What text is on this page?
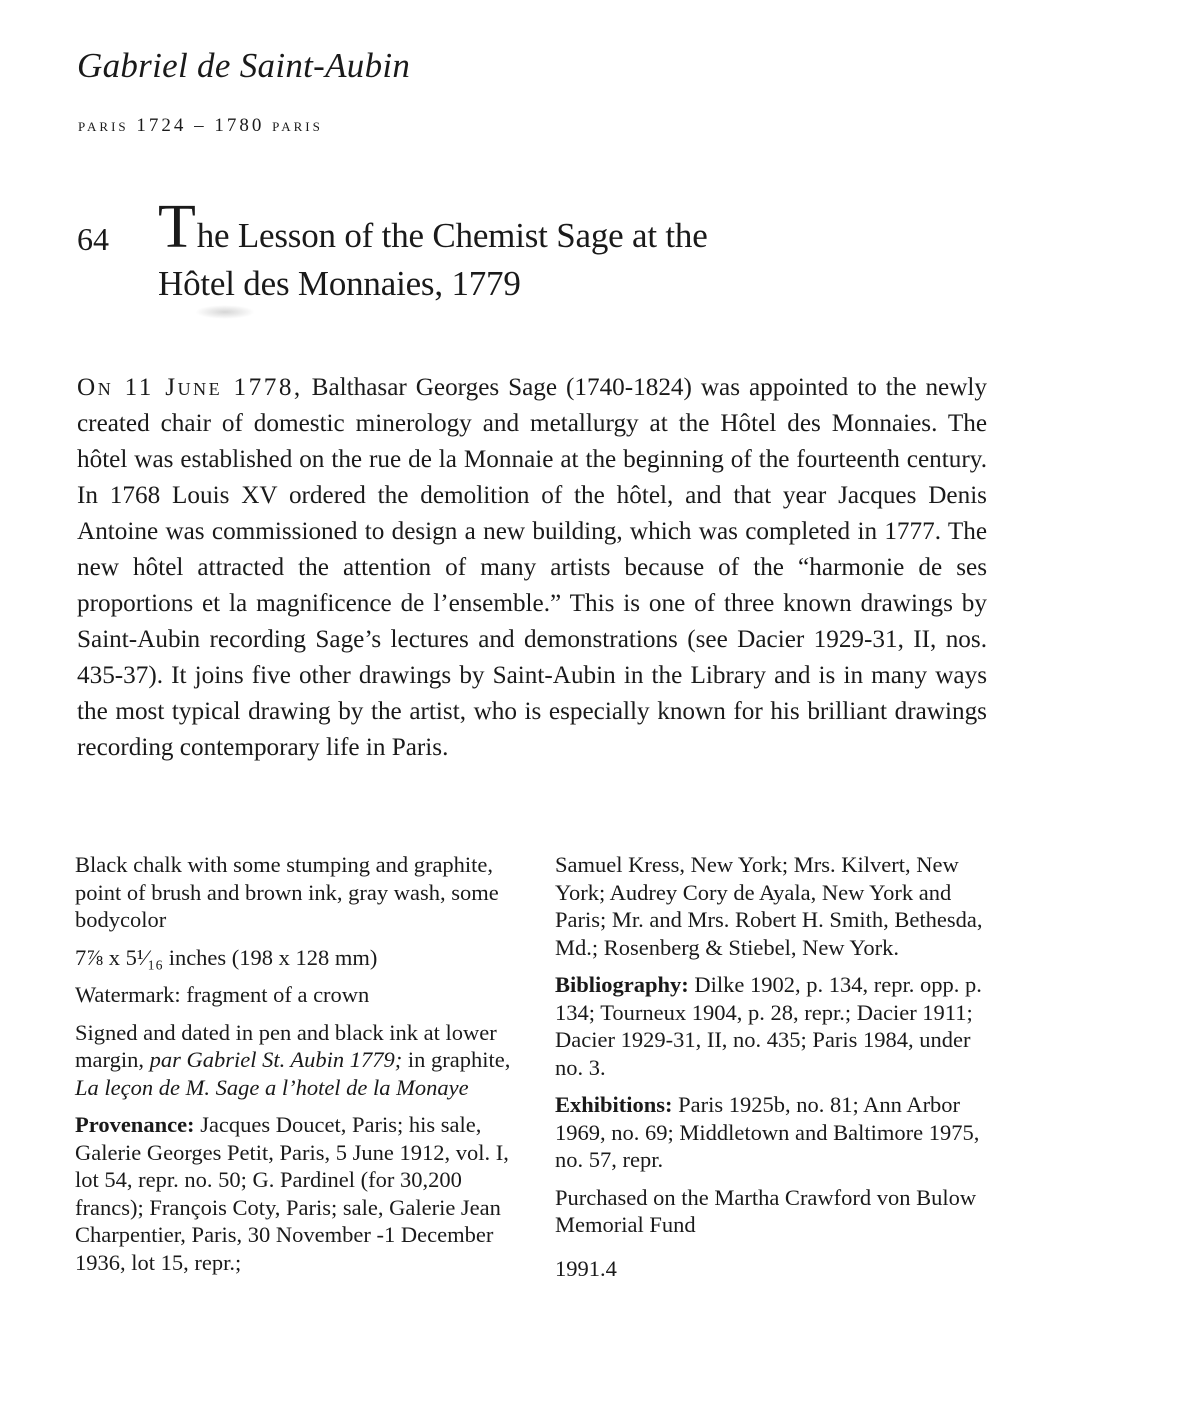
Gabriel de Saint-Aubin
paris 1724 – 1780 paris
64 The Lesson of the Chemist Sage at the
Hôtel des Monnaies, 1779

On 11 June 1778, Balthasar Georges Sage (1740-1824) was appointed to the newly created chair of domestic minerology and metallurgy at the Hôtel des Monnaies. The hôtel was established on the rue de la Monnaie at the beginning of the fourteenth century. In 1768 Louis XV ordered the demolition of the hôtel, and that year Jacques Denis Antoine was commissioned to design a new building, which was completed in 1777. The new hôtel attracted the attention of many artists because of the “harmonie de ses proportions et la magnificence de l’ensemble.” This is one of three known drawings by Saint-Aubin recording Sage’s lectures and demonstrations (see Dacier 1929-31, II, nos. 435-37). It joins five other drawings by Saint-Aubin in the Library and is in many ways the most typical drawing by the artist, who is especially known for his brilliant drawings recording contemporary life in Paris.

Black chalk with some stumping and graphite, point of brush and brown ink, gray wash, some bodycolor

7⅞ x 5¹⁄₁₆ inches (198 x 128 mm)

Watermark: fragment of a crown

Signed and dated in pen and black ink at lower margin, par Gabriel St. Aubin 1779; in graphite, La leçon de M. Sage a l’hotel de la Monaye

Provenance: Jacques Doucet, Paris; his sale, Galerie Georges Petit, Paris, 5 June 1912, vol. I, lot 54, repr. no. 50; G. Pardinel (for 30,200 francs); François Coty, Paris; sale, Galerie Jean Charpentier, Paris, 30 November -1 December 1936, lot 15, repr.;

Samuel Kress, New York; Mrs. Kilvert, New York; Audrey Cory de Ayala, New York and Paris; Mr. and Mrs. Robert H. Smith, Bethesda, Md.; Rosenberg & Stiebel, New York.

Bibliography: Dilke 1902, p. 134, repr. opp. p. 134; Tourneux 1904, p. 28, repr.; Dacier 1911; Dacier 1929-31, II, no. 435; Paris 1984, under no. 3.

Exhibitions: Paris 1925b, no. 81; Ann Arbor 1969, no. 69; Middletown and Baltimore 1975, no. 57, repr.

Purchased on the Martha Crawford von Bulow Memorial Fund

1991.4
